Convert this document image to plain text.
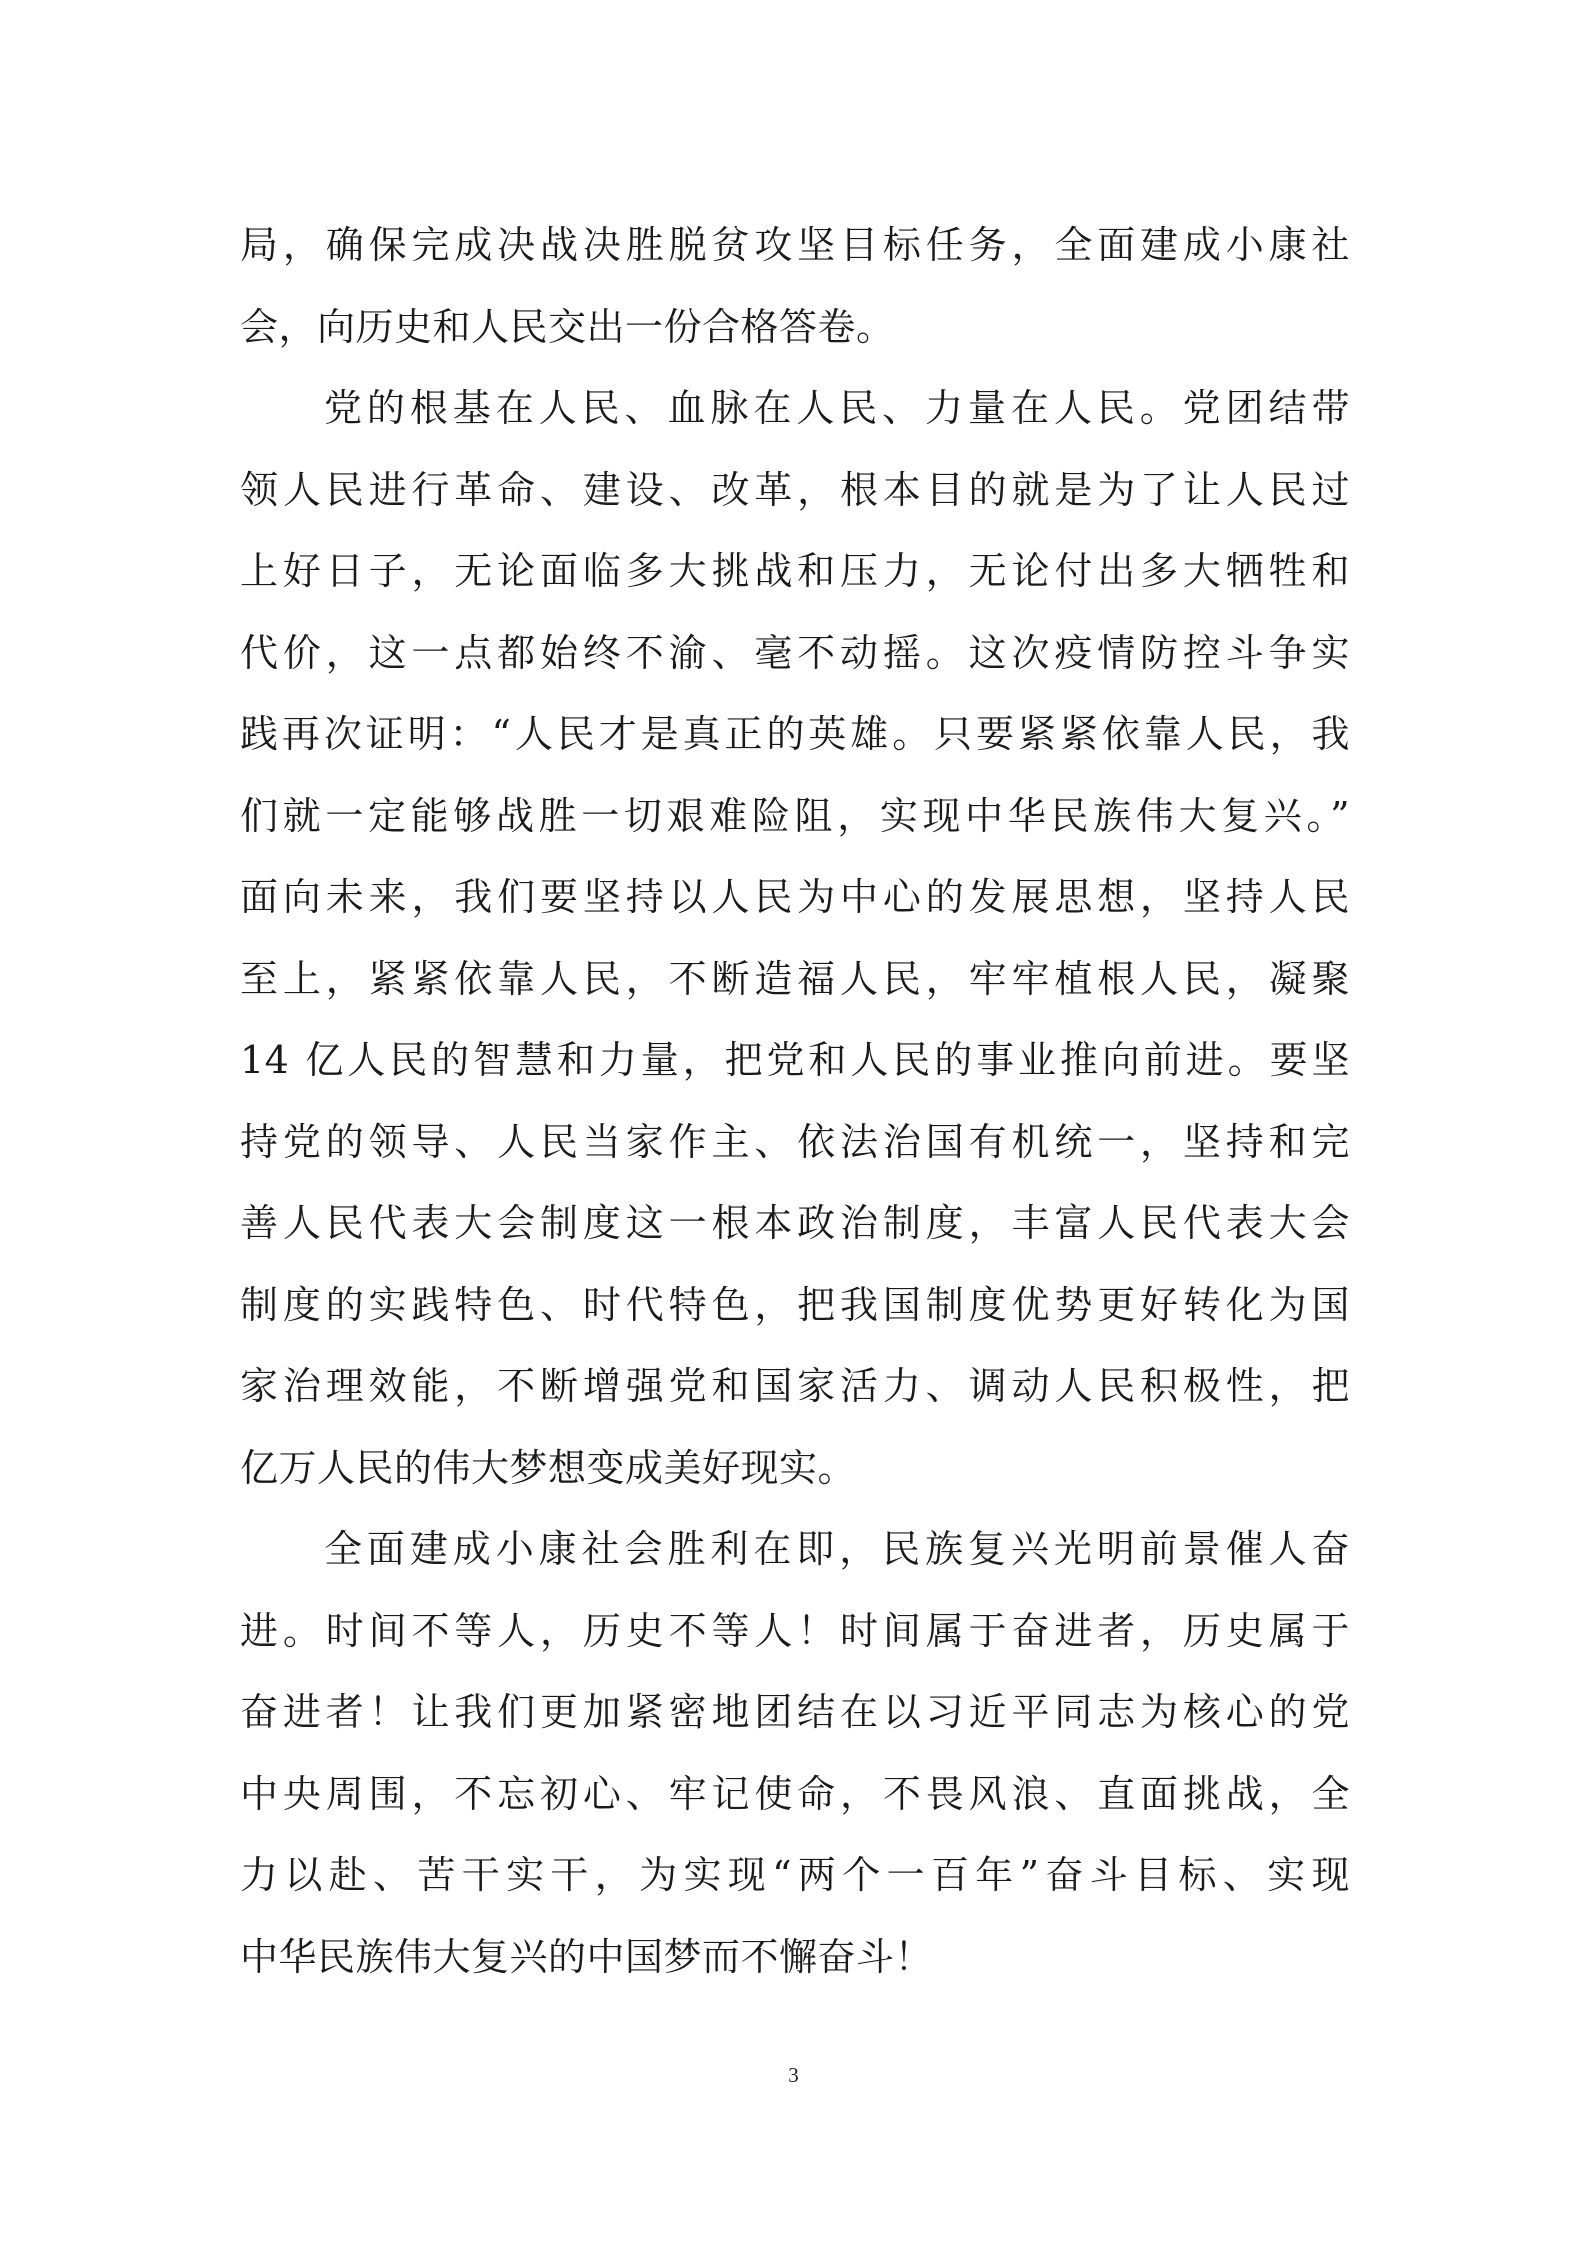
局，确保完成决战决胜脱贫攻坚目标任务，全面建成小康社
会，向历史和人民交出一份合格答卷。
党的根基在人民、血脉在人民、力量在人民。党团结带
领人民进行革命、建设、改革，根本目的就是为了让人民过
上好日子，无论面临多大挑战和压力，无论付出多大牺牲和
代价，这一点都始终不渝、毫不动摇。这次疫情防控斗争实
践再次证明：“人民才是真正的英雄。只要紧紧依靠人民，我
们就一定能够战胜一切艰难险阻，实现中华民族伟大复兴。”
面向未来，我们要坚持以人民为中心的发展思想，坚持人民
至上，紧紧依靠人民，不断造福人民，牢牢植根人民，凝聚
14 亿人民的智慧和力量，把党和人民的事业推向前进。要坚
持党的领导、人民当家作主、依法治国有机统一，坚持和完
善人民代表大会制度这一根本政治制度，丰富人民代表大会
制度的实践特色、时代特色，把我国制度优势更好转化为国
家治理效能，不断增强党和国家活力、调动人民积极性，把
亿万人民的伟大梦想变成美好现实。
全面建成小康社会胜利在即，民族复兴光明前景催人奋
进。时间不等人，历史不等人！时间属于奋进者，历史属于
奋进者！让我们更加紧密地团结在以习近平同志为核心的党
中央周围，不忘初心、牢记使命，不畏风浪、直面挑战，全
力以赴、苦干实干，为实现“两个一百年”奋斗目标、实现
中华民族伟大复兴的中国梦而不懈奋斗！
3
